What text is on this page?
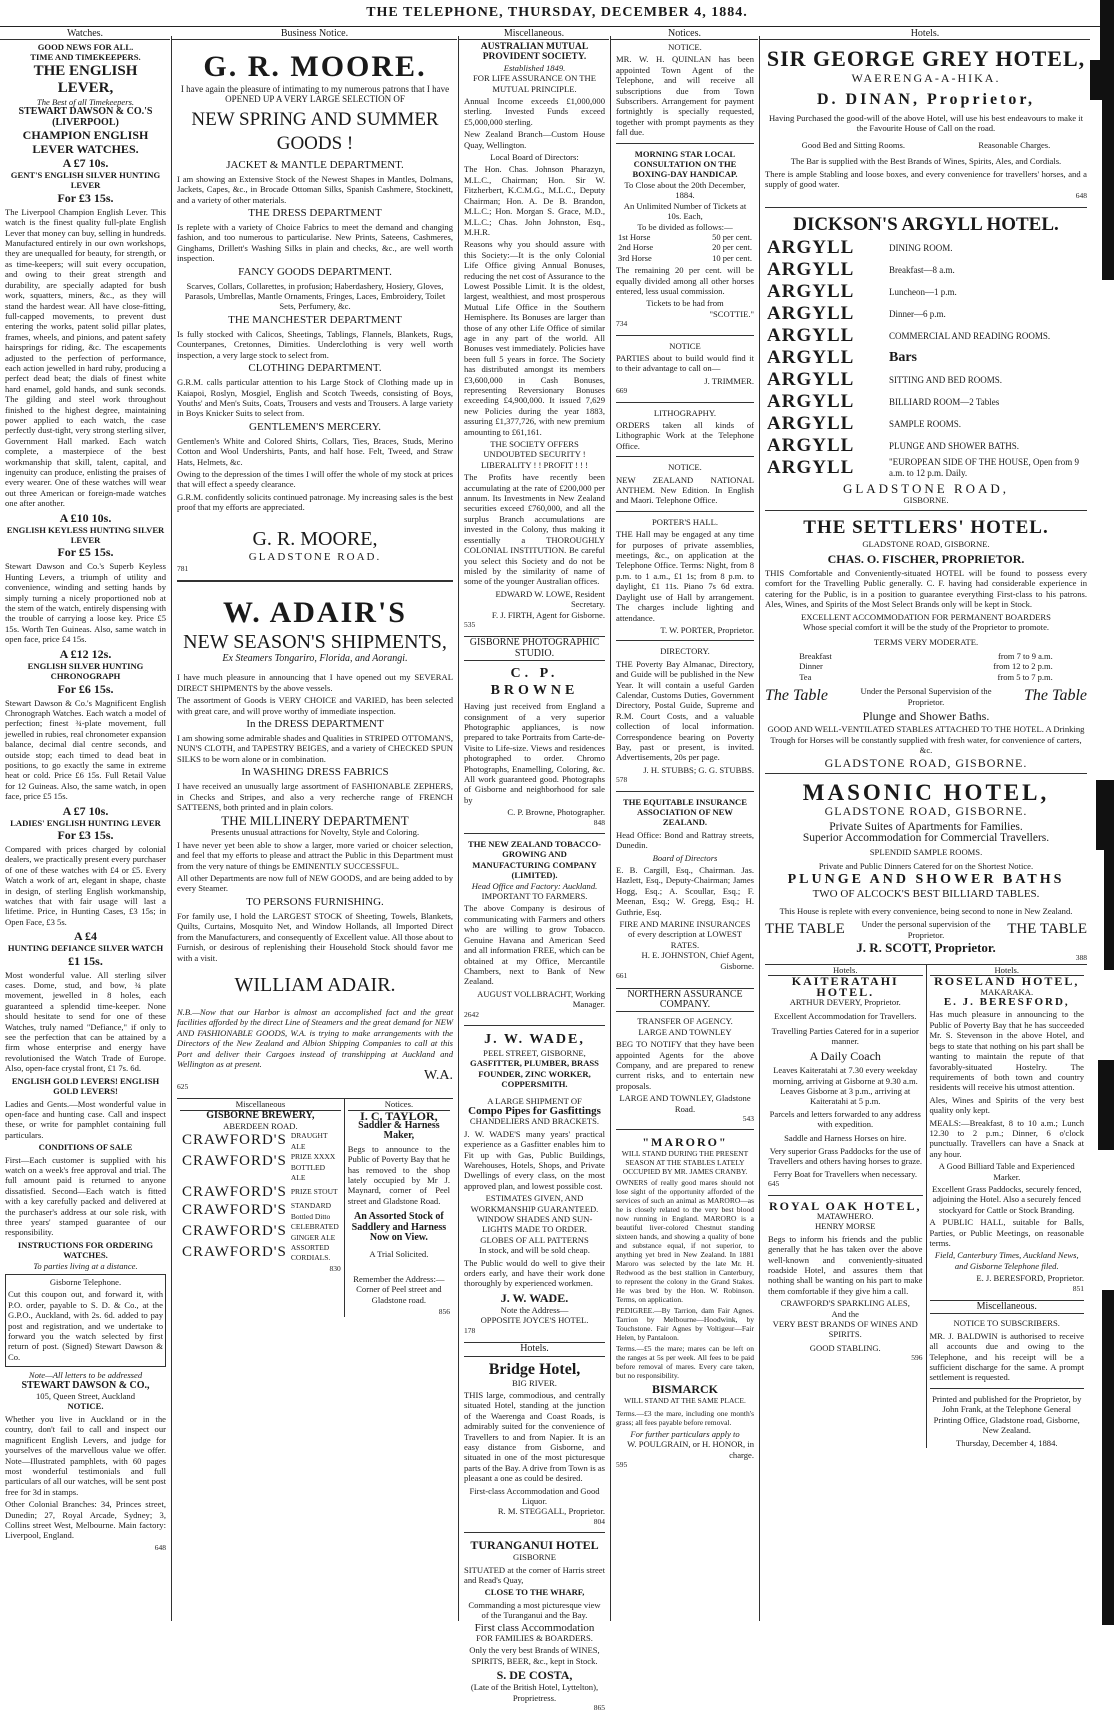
THE TELEPHONE, THURSDAY, DECEMBER 4, 1884.
Watches.	Business Notice.	Miscellaneous.	Notices.	Hotels.
GOOD NEWS FOR ALL.
TIME AND TIMEKEEPERS.
THE ENGLISH LEVER,
The Best of all Timekeepers.
STEWART DAWSON & CO.'S (LIVERPOOL)
CHAMPION ENGLISH LEVER WATCHES.
A £7 10s.
GENT'S ENGLISH SILVER HUNTING LEVER
For £3 15s.

The Liverpool Champion English Lever. This watch is the finest quality full-plate English Lever that money can buy, selling in hundreds. Manufactured entirely in our own workshops, they are unequalled for beauty, for strength, or as time-keepers; will suit every occupation, and owing to their great strength and durability, are specially adapted for bush work, squatters, miners, &c., as they will stand the hardest wear. All have close-fitting, full-capped movements, to prevent dust entering the works, patent solid pillar plates, frames, wheels, and pinions, and patent safety hairsprings for riding, &c. The escapements adjusted to the perfection of performance, each action jewelled in hard ruby, producing a perfect dead beat; the dials of finest white hard enamel, gold hands, and sunk seconds. The gilding and steel work throughout finished to the highest degree, maintaining power applied to each watch, the case perfectly dust-tight, very strong sterling silver, Government Hall marked. Each watch complete, a masterpiece of the best workmanship that skill, talent, capital, and ingenuity can produce, enlisting the praises of every wearer. One of these watches will wear out three American or foreign-made watches one after another.

A £10 10s.
ENGLISH KEYLESS HUNTING SILVER LEVER
For £5 15s.

Stewart Dawson and Co.'s Superb Keyless Hunting Levers, a triumph of utility and convenience, winding and setting hands by simply turning a nicely proportioned nob at the stem of the watch, entirely dispensing with the trouble of carrying a loose key. Price £5 15s. Worth Ten Guineas. Also, same watch in open face, price £4 15s.

A £12 12s.
ENGLISH SILVER HUNTING CHRONOGRAPH
For £6 15s.

Stewart Dawson & Co.'s Magnificent English Chronograph Watches. Each watch a model of perfection; finest ¾-plate movement, full jewelled in rubies, real chronometer expansion balance, decimal dial centre seconds, and outside stop; each timed to dead beat in positions, to go exactly the same in extreme heat or cold. Price £6 15s. Full Retail Value for 12 Guineas. Also, the same watch, in open face, price £5 15s.

A £7 10s.
LADIES' ENGLISH HUNTING LEVER
For £3 15s.

Compared with prices charged by colonial dealers, we practically present every purchaser of one of these watches with £4 or £5. Every Watch a work of art, elegant in shape, chaste in design, of sterling English workmanship, watches that with fair usage will last a lifetime. Price, in Hunting Cases, £3 15s; in Open Face, £3 5s.

A £4
HUNTING DEFIANCE SILVER WATCH
£1 15s.

Most wonderful value. All sterling silver cases. Dome, stud, and bow, ¾ plate movement, jewelled in 8 holes, each guaranteed a splendid time-keeper. None should hesitate to send for one of these Watches, truly named "Defiance," if only to see the perfection that can be attained by a firm whose enterprise and energy have revolutionised the Watch Trade of Europe. Also, open-face crystal front, £1 7s. 6d.

ENGLISH GOLD LEVERS! ENGLISH GOLD LEVERS!

Ladies and Gents.—Most wonderful value in open-face and hunting case. Call and inspect these, or write for pamphlet containing full particulars.

CONDITIONS OF SALE

First—Each customer is supplied with his watch on a week's free approval and trial. The full amount paid is returned to anyone dissatisfied. Second—Each watch is fitted with a key carefully packed and delivered at the purchaser's address at our sole risk, with three years' stamped guarantee of our responsibility.

INSTRUCTIONS FOR ORDERING WATCHES.
To parties living at a distance.
Gisborne Telephone.

Cut this coupon out, and forward it, with P.O. order, payable to S. D. & Co., at the G.P.O., Auckland, with 2s. 6d. added to pay post and registration, and we undertake to forward you the watch selected by first return of post. (Signed) Stewart Dawson & Co.

Note—All letters to be addressed
STEWART DAWSON & CO.,
105, Queen Street, Auckland
NOTICE.

Whether you live in Auckland or in the country, don't fail to call and inspect our magnificent English Levers, and judge for yourselves of the marvellous value we offer. Note—Illustrated pamphlets, with 60 pages most wonderful testimonials and full particulars of all our watches, will be sent post free for 3d in stamps.

Other Colonial Branches: 34, Princes street, Dunedin; 27, Royal Arcade, Sydney; 3, Collins street West, Melbourne. Main factory: Liverpool, England.

648
G. R. MOORE.
I have again the pleasure of intimating to my numerous patrons that I have OPENED UP A VERY LARGE SELECTION OF
NEW SPRING AND SUMMER GOODS !
JACKET & MANTLE DEPARTMENT.

I am showing an Extensive Stock of the Newest Shapes in Mantles, Dolmans, Jackets, Capes, &c., in Brocade Ottoman Silks, Spanish Cashmere, Stockinett, and a variety of other materials.

THE DRESS DEPARTMENT

Is replete with a variety of Choice Fabrics to meet the demand and changing fashion, and too numerous to particularise. New Prints, Sateens, Cashmeres, Ginghams, Drillett's Washing Silks in plain and checks, &c., are well worth inspection.

FANCY GOODS DEPARTMENT.

Scarves, Collars, Collarettes, in profusion; Haberdashery, Hosiery, Gloves, Parasols, Umbrellas, Mantle Ornaments, Fringes, Laces, Embroidery, Toilet Sets, Perfumery, &c.

THE MANCHESTER DEPARTMENT

Is fully stocked with Calicos, Sheetings, Tablings, Flannels, Blankets, Rugs, Counterpanes, Cretonnes, Dimities. Underclothing is very well worth inspection, a very large stock to select from.

CLOTHING DEPARTMENT.

G.R.M. calls particular attention to his Large Stock of Clothing made up in Kaiapoi, Roslyn, Mosgiel, English and Scotch Tweeds, consisting of Boys, Youths' and Men's Suits, Coats, Trousers and vests and Trousers. A large variety in Boys Knicker Suits to select from.

GENTLEMEN'S MERCERY.

Gentlemen's White and Colored Shirts, Collars, Ties, Braces, Studs, Merino Cotton and Wool Undershirts, Pants, and half hose. Felt, Tweed, and Straw Hats, Helmets, &c.

Owing to the depression of the times I will offer the whole of my stock at prices that will effect a speedy clearance.

G.R.M. confidently solicits continued patronage. My increasing sales is the best proof that my efforts are appreciated.

G. R. MOORE,
GLADSTONE ROAD.
781
W. ADAIR'S
NEW SEASON'S SHIPMENTS,
Ex Steamers Tongariro, Florida, and Aorangi.

I have much pleasure in announcing that I have opened out my SEVERAL DIRECT SHIPMENTS by the above vessels.

The assortment of Goods is VERY CHOICE and VARIED, has been selected with great care, and will prove worthy of immediate inspection.

In the DRESS DEPARTMENT

I am showing some admirable shades and Qualities in STRIPED OTTOMAN'S, NUN'S CLOTH, and TAPESTRY BEIGES, and a variety of CHECKED SPUN SILKS to be worn alone or in combination.

In WASHING DRESS FABRICS

I have received an unusually large assortment of FASHIONABLE ZEPHERS, in Checks and Stripes, and also a very recherche range of FRENCH SATTEENS, both printed and in plain colors.

THE MILLINERY DEPARTMENT
Presents unusual attractions for Novelty, Style and Coloring.

I have never yet been able to show a larger, more varied or choicer selection, and feel that my efforts to please and attract the Public in this Department must from the very nature of things be EMINENTLY SUCCESSFUL.

All other Departments are now full of NEW GOODS, and are being added to by every Steamer.

TO PERSONS FURNISHING.

For family use, I hold the LARGEST STOCK of Sheeting, Towels, Blankets, Quilts, Curtains, Mosquito Net, and Window Hollands, all Imported Direct from the Manufacturers, and consequently of Excellent value. All those about to Furnish, or desirous of replenishing their Household Stock should favor me with a visit.

WILLIAM ADAIR.

N.B.—Now that our Harbor is almost an accomplished fact and the great facilities afforded by the direct Line of Steamers and the great demand for NEW AND FASHIONABLE GOODS, W.A. is trying to make arrangements with the Directors of the New Zealand and Albion Shipping Companies to call at this Port and deliver their Cargoes instead of transhipping at Auckland and Wellington as at present.

W.A.
625
Miscellaneous
GISBORNE BREWERY,
ABERDEEN ROAD.
CRAWFORD'S	DRAUGHT ALE
CRAWFORD'S	PRIZE XXXX BOTTLED ALE
CRAWFORD'S	PRIZE STOUT
CRAWFORD'S	STANDARD Bottled Ditto
CRAWFORD'S	CELEBRATED GINGER ALE
CRAWFORD'S	ASSORTED CORDIALS.
830
Notices.
I. C. TAYLOR,
Saddler & Harness Maker,

Begs to announce to the Public of Poverty Bay that he has removed to the shop lately occupied by Mr J. Maynard, corner of Peel street and Gladstone Road.

An Assorted Stock of Saddlery and Harness Now on View.
A Trial Solicited.

Remember the Address:—Corner of Peel street and Gladstone road.

856
AUSTRALIAN MUTUAL PROVIDENT SOCIETY.
Established 1849.
FOR LIFE ASSURANCE ON THE MUTUAL PRINCIPLE.

Annual Income exceeds £1,000,000 sterling. Invested Funds exceed £5,000,000 sterling.

New Zealand Branch—Custom House Quay, Wellington.

Local Board of Directors:

The Hon. Chas. Johnson Pharazyn, M.L.C., Chairman; Hon. Sir W. Fitzherbert, K.C.M.G., M.L.C., Deputy Chairman; Hon. A. De B. Brandon, M.L.C.; Hon. Morgan S. Grace, M.D., M.L.C.; Chas. John Johnston, Esq., M.H.R.

Reasons why you should assure with this Society:—It is the only Colonial Life Office giving Annual Bonuses, reducing the net cost of Assurance to the Lowest Possible Limit. It is the oldest, largest, wealthiest, and most prosperous Mutual Life Office in the Southern Hemisphere. Its Bonuses are larger than those of any other Life Office of similar age in any part of the world. All Bonuses vest immediately. Policies have been full 5 years in force. The Society has distributed amongst its members £3,600,000 in Cash Bonuses, representing Reversionary Bonuses exceeding £4,900,000. It issued 7,629 new Policies during the year 1883, assuring £1,377,726, with new premium amounting to £61,161.

THE SOCIETY OFFERS UNDOUBTED SECURITY ! LIBERALITY ! ! PROFIT ! ! !

The Profits have recently been accumulating at the rate of £200,000 per annum. Its Investments in New Zealand securities exceed £760,000, and all the surplus Branch accumulations are invested in the Colony, thus making it essentially a THOROUGHLY COLONIAL INSTITUTION. Be careful you select this Society and do not be misled by the similarity of name of some of the younger Australian offices.

EDWARD W. LOWE, Resident Secretary.
F. J. FIRTH, Agent for Gisborne.
535
GISBORNE PHOTOGRAPHIC STUDIO.
C. P. BROWNE

Having just received from England a consignment of a very superior Photographic appliances, is now prepared to take Portraits from Carte-de-Visite to Life-size. Views and residences photographed to order. Chromo Photographs, Enamelling, Coloring, &c. All work guaranteed good. Photographs of Gisborne and neighborhood for sale by

C. P. Browne, Photographer.
848
THE NEW ZEALAND TOBACCO-GROWING AND MANUFACTURING COMPANY (LIMITED).
Head Office and Factory: Auckland.
IMPORTANT TO FARMERS.

The above Company is desirous of communicating with Farmers and others who are willing to grow Tobacco. Genuine Havana and American Seed and all information FREE, which can be obtained at my Office, Mercantile Chambers, next to Bank of New Zealand.

AUGUST VOLLBRACHT, Working Manager.
2642
J. W. WADE,
PEEL STREET, GISBORNE,
GASFITTER, PLUMBER, BRASS FOUNDER, ZINC WORKER, COPPERSMITH.
A LARGE SHIPMENT OF
Compo Pipes for Gasfittings
CHANDELIERS AND BRACKETS.

J. W. WADE'S many years' practical experience as a Gasfitter enables him to Fit up with Gas, Public Buildings, Warehouses, Hotels, Shops, and Private Dwellings of every class, on the most approved plan, and lowest possible cost.

ESTIMATES GIVEN, AND WORKMANSHIP GUARANTEED.
WINDOW SHADES AND SUN-LIGHTS MADE TO ORDER.
GLOBES OF ALL PATTERNS
In stock, and will be sold cheap.

The Public would do well to give their orders early, and have their work done thoroughly by experienced workmen.

J. W. WADE.
Note the Address—
OPPOSITE JOYCE'S HOTEL.
178
Hotels.
Bridge Hotel,
BIG RIVER.

THIS large, commodious, and centrally situated Hotel, standing at the junction of the Waerenga and Coast Roads, is admirably suited for the convenience of Travellers to and from Napier. It is an easy distance from Gisborne, and situated in one of the most picturesque parts of the Bay. A drive from Town is as pleasant a one as could be desired.

First-class Accommodation and Good Liquor.
R. M. STEGGALL, Proprietor.
804
TURANGANUI HOTEL
GISBORNE

SITUATED at the corner of Harris street and Read's Quay,

CLOSE TO THE WHARF,

Commanding a most picturesque view of the Turanganui and the Bay.

First class Accommodation
FOR FAMILIES & BOARDERS.

Only the very best Brands of WINES, SPIRITS, BEER, &c., kept in Stock.

S. DE COSTA,
(Late of the British Hotel, Lyttelton), Proprietress.
865
NOTICE.

MR. W. H. QUINLAN has been appointed Town Agent of the Telephone, and will receive all subscriptions due from Town Subscribers. Arrangement for payment fortnightly is specially requested, together with prompt payments as they fall due.

MORNING STAR LOCAL CONSULTATION ON THE BOXING-DAY HANDICAP.
To Close about the 20th December, 1884.
An Unlimited Number of Tickets at 10s. Each,
To be divided as follows:—
1st Horse	50 per cent.
2nd Horse	20 per cent.
3rd Horse	10 per cent.

The remaining 20 per cent. will be equally divided among all other horses entered, less usual commission.

Tickets to be had from
"SCOTTIE."
734
NOTICE

PARTIES about to build would find it to their advantage to call on—

J. TRIMMER.
669
LITHOGRAPHY.

ORDERS taken all kinds of Lithographic Work at the Telephone Office.

NOTICE.

NEW ZEALAND NATIONAL ANTHEM. New Edition. In English and Maori. Telephone Office.

PORTER'S HALL.

THE Hall may be engaged at any time for purposes of private assemblies, meetings, &c., on application at the Telephone Office. Terms: Night, from 8 p.m. to 1 a.m., £1 1s; from 8 p.m. to daylight, £1 11s. Piano 7s 6d extra. Daylight use of Hall by arrangement. The charges include lighting and attendance.

T. W. PORTER, Proprietor.
DIRECTORY.

THE Poverty Bay Almanac, Directory, and Guide will be published in the New Year. It will contain a useful Garden Calendar, Customs Duties, Government Directory, Postal Guide, Supreme and R.M. Court Costs, and a valuable collection of local information. Correspondence bearing on Poverty Bay, past or present, is invited. Advertisements, 20s per page.

J. H. STUBBS; G. G. STUBBS.
578
THE EQUITABLE INSURANCE ASSOCIATION OF NEW ZEALAND.

Head Office: Bond and Rattray streets, Dunedin.

Board of Directors

E. B. Cargill, Esq., Chairman. Jas. Hazlett, Esq., Deputy-Chairman; James Hogg, Esq.; A. Scoullar, Esq.; F. Meenan, Esq.; W. Gregg, Esq.; H. Guthrie, Esq.

FIRE AND MARINE INSURANCES of every description at LOWEST RATES.
H. E. JOHNSTON, Chief Agent, Gisborne.
661
NORTHERN ASSURANCE COMPANY.
TRANSFER OF AGENCY.
LARGE AND TOWNLEY

BEG TO NOTIFY that they have been appointed Agents for the above Company, and are prepared to renew current risks, and to entertain new proposals.

LARGE AND TOWNLEY, Gladstone Road.
543
"MARORO"
WILL STAND DURING THE PRESENT SEASON AT THE STABLES LATELY OCCUPIED BY MR. JAMES CRANBY.

OWNERS of really good mares should not lose sight of the opportunity afforded of the services of such an animal as MARORO—as he is closely related to the very best blood now running in England. MARORO is a beautiful liver-colored Chestnut standing sixteen hands, and showing a quality of bone and substance equal, if not superior, to anything yet bred in New Zealand. In 1881 Maroro was selected by the late Mr. H. Redwood as the best stallion in Canterbury, to represent the colony in the Grand Stakes. He was bred by the Hon. W. Robinson. Terms, on application.

PEDIGREE.—By Tarrion, dam Fair Agnes. Tarrion by Melbourne—Hoodwink, by Touchstone. Fair Agnes by Voltigeur—Fair Helen, by Pantaloon.

Terms.—£5 the mare; mares can be left on the ranges at 5s per week. All fees to be paid before removal of mares. Every care taken, but no responsibility.

BISMARCK
WILL STAND AT THE SAME PLACE.

Terms.—£3 the mare, including one month's grass; all fees payable before removal.

For further particulars apply to
W. POULGRAIN, or H. HONOR, in charge.
595
SIR GEORGE GREY HOTEL,
WAERENGA-A-HIKA.
D. DINAN, Proprietor,

Having Purchased the good-will of the above Hotel, will use his best endeavours to make it the Favourite House of Call on the road.

Good Bed and Sitting Rooms.	Reasonable Charges.

The Bar is supplied with the Best Brands of Wines, Spirits, Ales, and Cordials.

There is ample Stabling and loose boxes, and every convenience for travellers' horses, and a supply of good water.

648
DICKSON'S ARGYLL HOTEL.
ARGYLL	DINING ROOM.
ARGYLL	Breakfast—8 a.m.
ARGYLL	Luncheon—1 p.m.
ARGYLL	Dinner—6 p.m.
ARGYLL	COMMERCIAL AND READING ROOMS.
ARGYLL	Bars
ARGYLL	SITTING AND BED ROOMS.
ARGYLL	BILLIARD ROOM—2 Tables
ARGYLL	SAMPLE ROOMS.
ARGYLL	PLUNGE AND SHOWER BATHS.
ARGYLL	"EUROPEAN SIDE OF THE HOUSE, Open from 9 a.m. to 12 p.m. Daily.
GLADSTONE ROAD,
GISBORNE.
THE SETTLERS' HOTEL.
GLADSTONE ROAD, GISBORNE.
CHAS. O. FISCHER, PROPRIETOR.

THIS Comfortable and Conveniently-situated HOTEL will be found to possess every comfort for the Travelling Public generally. C. F. having had considerable experience in catering for the Public, is in a position to guarantee everything First-class to his patrons. Ales, Wines, and Spirits of the Most Select Brands only will be kept in Stock.

EXCELLENT ACCOMMODATION FOR PERMANENT BOARDERS
Whose special comfort it will be the study of the Proprietor to promote.
TERMS VERY MODERATE.
Breakfast	from 7 to 9 a.m.
Dinner	from 12 to 2 p.m.
Tea	from 5 to 7 p.m.
The Table	Under the Personal Supervision of the Proprietor.	The Table
Plunge and Shower Baths.

GOOD AND WELL-VENTILATED STABLES ATTACHED TO THE HOTEL. A Drinking Trough for Horses will be constantly supplied with fresh water, for convenience of carters, &c.

GLADSTONE ROAD, GISBORNE.
MASONIC HOTEL,
GLADSTONE ROAD, GISBORNE.
Private Suites of Apartments for Families.
Superior Accommodation for Commercial Travellers.
SPLENDID SAMPLE ROOMS.
Private and Public Dinners Catered for on the Shortest Notice.
PLUNGE AND SHOWER BATHS
TWO OF ALCOCK'S BEST BILLIARD TABLES.

This House is replete with every convenience, being second to none in New Zealand.

THE TABLE Under the personal supervision of the Proprietor.	THE TABLE
J. R. SCOTT, Proprietor.
388
Hotels.
KAITERATAHI HOTEL.
ARTHUR DEVERY, Proprietor.
Excellent Accommodation for Travellers.

Travelling Parties Catered for in a superior manner.

A Daily Coach

Leaves Kaiteratahi at 7.30 every weekday morning, arriving at Gisborne at 9.30 a.m. Leaves Gisborne at 3 p.m., arriving at Kaiteratahi at 5 p.m.

Parcels and letters forwarded to any address with expedition.

Saddle and Harness Horses on hire.

Very superior Grass Paddocks for the use of Travellers and others having horses to graze.

Ferry Boat for Travellers when necessary.
645
ROYAL OAK HOTEL,
MATAWHERO.
HENRY MORSE

Begs to inform his friends and the public generally that he has taken over the above well-known and conveniently-situated roadside Hotel, and assures them that nothing shall be wanting on his part to make them comfortable if they give him a call.

CRAWFORD'S SPARKLING ALES,
And the
VERY BEST BRANDS OF WINES AND SPIRITS.
GOOD STABLING.
596
Hotels.
ROSELAND HOTEL,
MAKARAKA.
E. J. BERESFORD,

Has much pleasure in announcing to the Public of Poverty Bay that he has succeeded Mr. S. Stevenson in the above Hotel, and begs to state that nothing on his part shall be wanting to maintain the repute of that favorably-situated Hostelry. The requirements of both town and country residents will receive his utmost attention.

Ales, Wines and Spirits of the very best quality only kept.

MEALS:—Breakfast, 8 to 10 a.m.; Lunch 12.30 to 2 p.m.; Dinner, 6 o'clock punctually. Travellers can have a Snack at any hour.

A Good Billiard Table and Experienced Marker.

Excellent Grass Paddocks, securely fenced, adjoining the Hotel. Also a securely fenced stockyard for Cattle or Stock Branding.

A PUBLIC HALL, suitable for Balls, Parties, or Public Meetings, on reasonable terms.

Field, Canterbury Times, Auckland News, and Gisborne Telephone filed.

E. J. BERESFORD, Proprietor.
851
Miscellaneous.
NOTICE TO SUBSCRIBERS.

MR. J. BALDWIN is authorised to receive all accounts due and owing to the Telephone, and his receipt will be a sufficient discharge for the same. A prompt settlement is requested.

Printed and published for the Proprietor, by John Frank, at the Telephone General Printing Office, Gladstone road, Gisborne, New Zealand.

Thursday, December 4, 1884.
